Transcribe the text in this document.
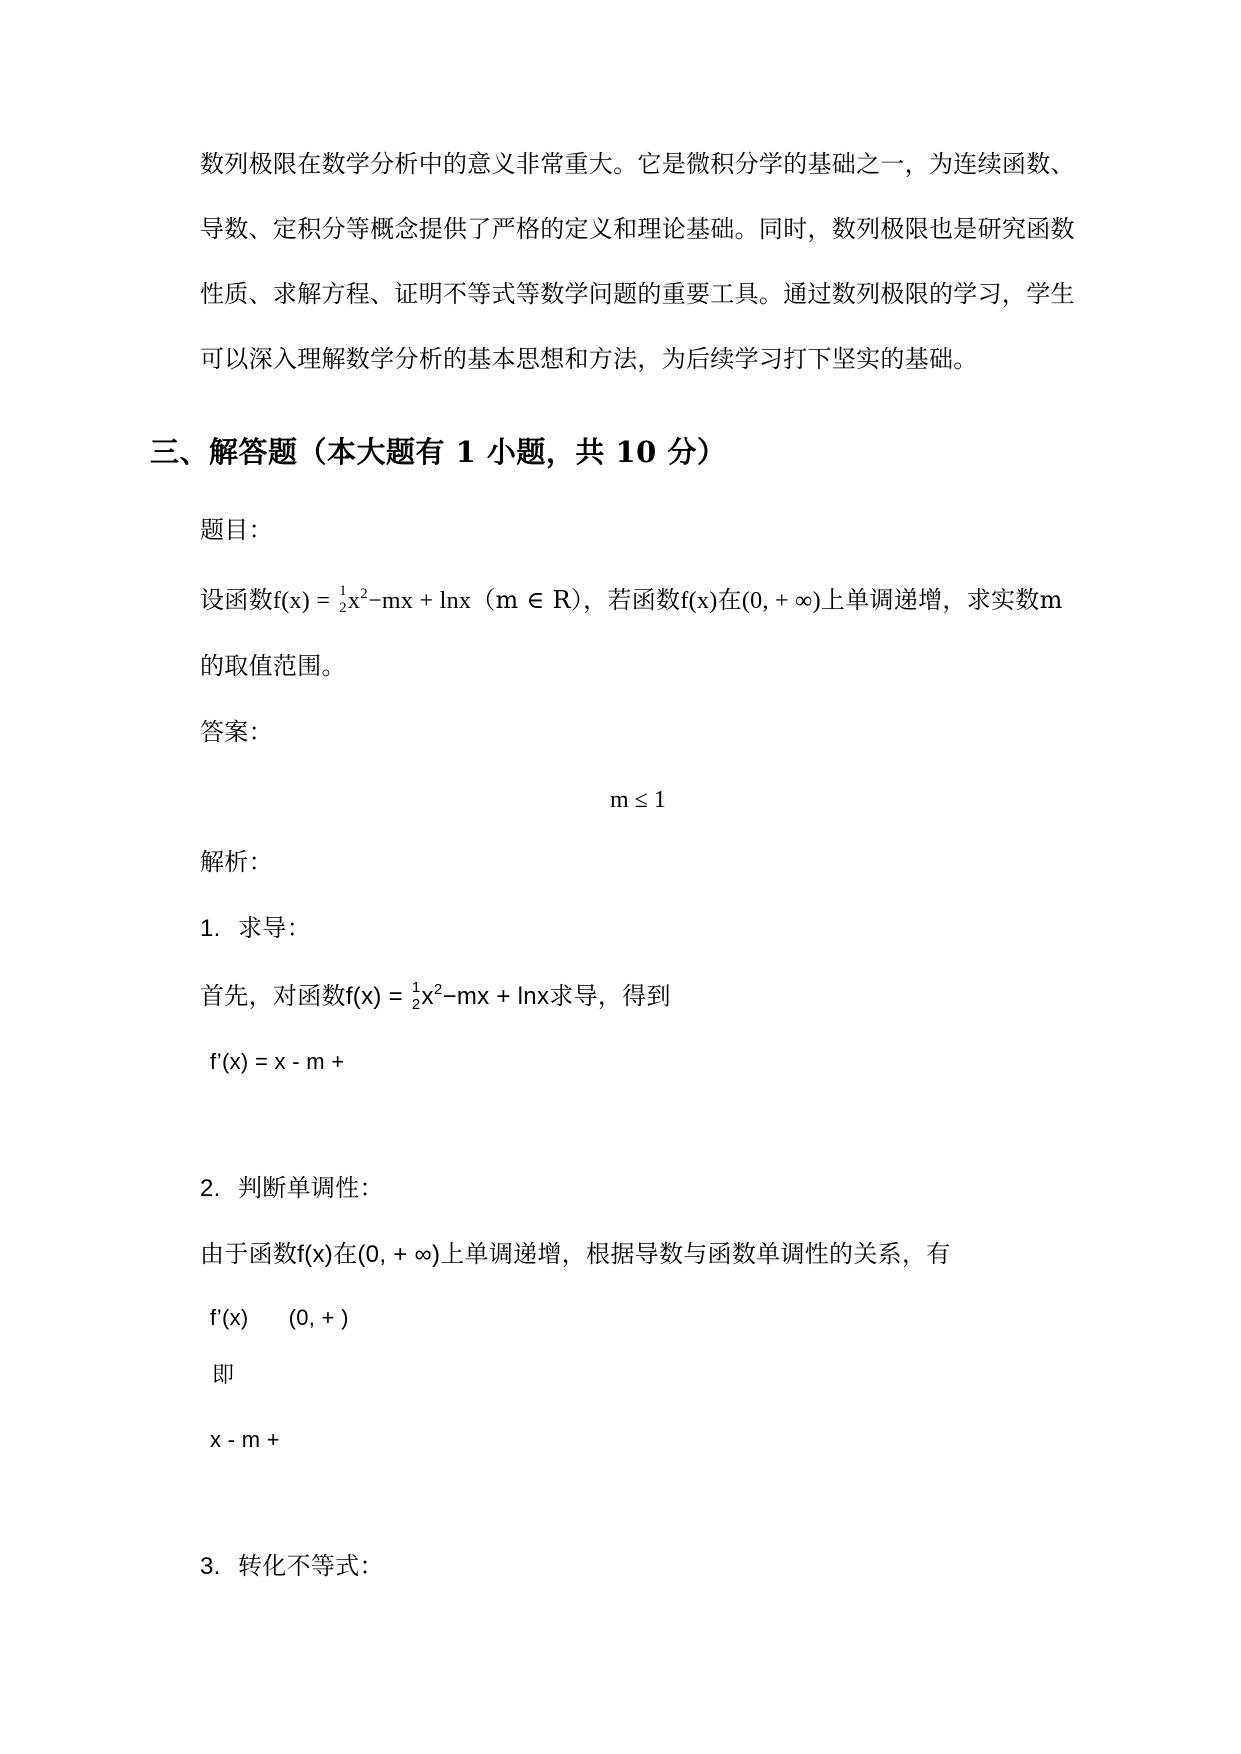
数列极限在数学分析中的意义非常重大。它是微积分学的基础之一，为连续函数、
导数、定积分等概念提供了严格的定义和理论基础。同时，数列极限也是研究函数
性质、求解方程、证明不等式等数学问题的重要工具。通过数列极限的学习，学生
可以深入理解数学分析的基本思想和方法，为后续学习打下坚实的基础。
三、解答题（本大题有 1 小题，共 10 分）
题目：
设函数f(x) = 1
2 $x^2-mx + \ln x(m$ ∈ R），若函数f(x)在(0, + ∞)上单调递增，求实数m
的取值范围。
答案：
m ≤ 1
解析：
1. 求导：
首先，对函数f(x) = 1
2 $x^2-mx + \ln x$求导，得到
f’(x) = x - m +
2. 判断单调性：
由于函数f(x)在(0, + ∞)上单调递增，根据导数与函数单调性的关系，有
f’(x) (0, + )
即
x - m +
3. 转化不等式：
